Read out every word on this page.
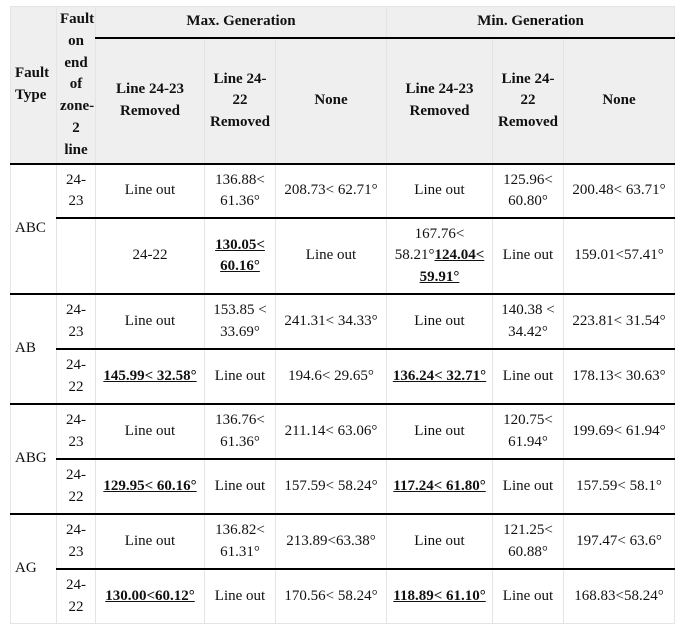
Fault Type	Fault on end of zone-2 line	Max. Generation			Min. Generation		
		Line 24-23 Removed	Line 24-22 Removed	None	Line 24-23 Removed	Line 24-22 Removed	None
ABC	24-23	Line out	136.88< 61.36°	208.73< 62.71°	Line out	125.96< 60.80°	200.48< 63.71°
		24-22	130.05< 60.16°	Line out	167.76< 58.21°124.04< 59.91°	Line out	159.01<57.41°
AB	24-23	Line out	153.85 < 33.69°	241.31< 34.33°	Line out	140.38 < 34.42°	223.81< 31.54°
	24-22	145.99< 32.58°	Line out	194.6< 29.65°	136.24< 32.71°	Line out	178.13< 30.63°
ABG	24-23	Line out	136.76< 61.36°	211.14< 63.06°	Line out	120.75< 61.94°	199.69< 61.94°
	24-22	129.95< 60.16°	Line out	157.59< 58.24°	117.24< 61.80°	Line out	157.59< 58.1°
AG	24-23	Line out	136.82< 61.31°	213.89<63.38°	Line out	121.25< 60.88°	197.47< 63.6°
	24-22	130.00<60.12°	Line out	170.56< 58.24°	118.89< 61.10°	Line out	168.83<58.24°
